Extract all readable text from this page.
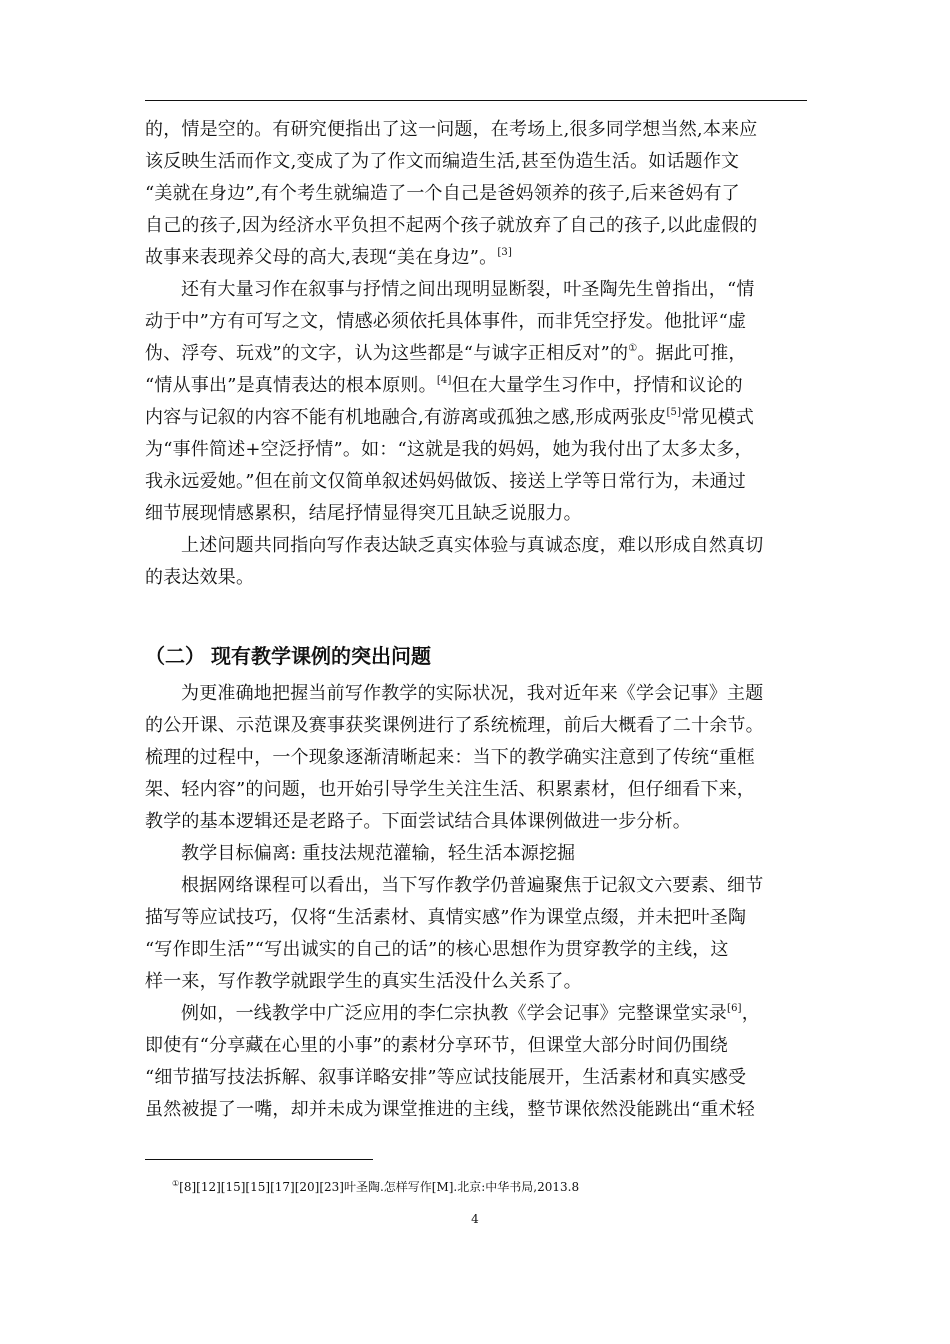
的，情是空的。有研究便指出了这一问题，在考场上,很多同学想当然,本来应
该反映生活而作文,变成了为了作文而编造生活,甚至伪造生活。如话题作文
“美就在身边”,有个考生就编造了一个自己是爸妈领养的孩子,后来爸妈有了
自己的孩子,因为经济水平负担不起两个孩子就放弃了自己的孩子,以此虚假的
故事来表现养父母的高大,表现“美在身边”。[3]

还有大量习作在叙事与抒情之间出现明显断裂，叶圣陶先生曾指出，“情
动于中”方有可写之文，情感必须依托具体事件，而非凭空抒发。他批评“虚
伪、浮夸、玩戏”的文字，认为这些都是“与诚字正相反对”的①。据此可推，
“情从事出”是真情表达的根本原则。[4]但在大量学生习作中，抒情和议论的
内容与记叙的内容不能有机地融合,有游离或孤独之感,形成两张皮[5]常见模式
为“事件简述+空泛抒情”。如：“这就是我的妈妈，她为我付出了太多太多，
我永远爱她。”但在前文仅简单叙述妈妈做饭、接送上学等日常行为，未通过
细节展现情感累积，结尾抒情显得突兀且缺乏说服力。

上述问题共同指向写作表达缺乏真实体验与真诚态度，难以形成自然真切
的表达效果。

（二） 现有教学课例的突出问题

为更准确地把握当前写作教学的实际状况，我对近年来《学会记事》主题
的公开课、示范课及赛事获奖课例进行了系统梳理，前后大概看了二十余节。
梳理的过程中，一个现象逐渐清晰起来：当下的教学确实注意到了传统“重框
架、轻内容”的问题，也开始引导学生关注生活、积累素材，但仔细看下来，
教学的基本逻辑还是老路子。下面尝试结合具体课例做进一步分析。

教学目标偏离: 重技法规范灌输，轻生活本源挖掘

根据网络课程可以看出，当下写作教学仍普遍聚焦于记叙文六要素、细节
描写等应试技巧，仅将“生活素材、真情实感”作为课堂点缀，并未把叶圣陶
“写作即生活”“写出诚实的自己的话”的核心思想作为贯穿教学的主线，这
样一来，写作教学就跟学生的真实生活没什么关系了。

例如，一线教学中广泛应用的李仁宗执教《学会记事》完整课堂实录[6]，
即使有“分享藏在心里的小事”的素材分享环节，但课堂大部分时间仍围绕
“细节描写技法拆解、叙事详略安排”等应试技能展开，生活素材和真实感受
虽然被提了一嘴，却并未成为课堂推进的主线，整节课依然没能跳出“重术轻

①[8][12][15][15][17][20][23]叶圣陶.怎样写作[M].北京:中华书局,2013.8
4
